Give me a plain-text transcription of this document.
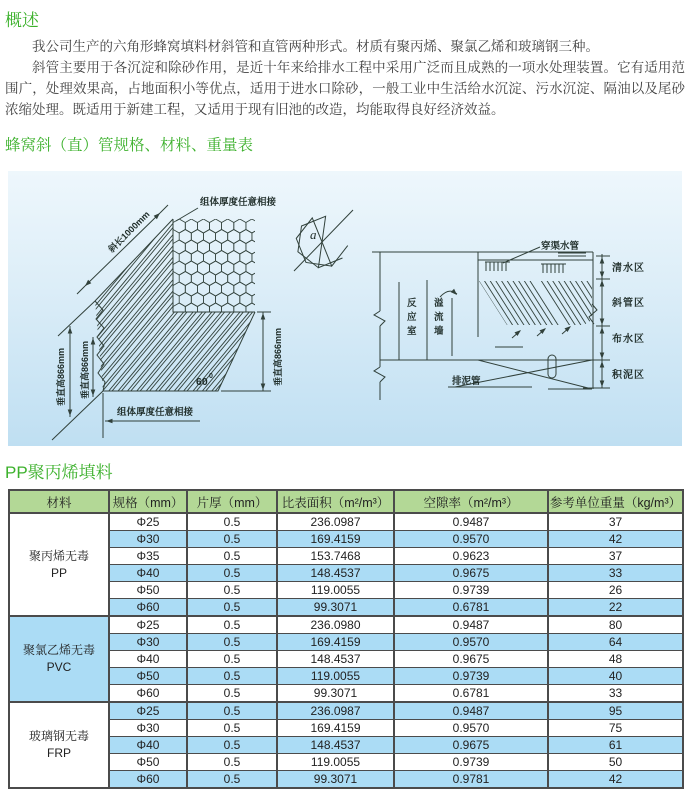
概述

我公司生产的六角形蜂窝填料材斜管和直管两种形式。材质有聚丙烯、聚氯乙烯和玻璃钢三种。

斜管主要用于各沉淀和除砂作用，是近十年来给排水工程中采用广泛而且成熟的一项水处理装置。它有适用范围广，处理效果高，占地面积小等优点，适用于进水口除砂，一般工业中生活给水沉淀、污水沉淀、隔油以及尾砂浓缩处理。既适用于新建工程，又适用于现有旧池的改造，均能取得良好经济效益。

蜂窝斜（直）管规格、材料、重量表
组体厚度任意相接
组体厚度任意相接
斜长1000mm
垂直高866mm 垂直高866mm	垂直高866mm
60 0
a
穿渠水管
反应室
溢流墙
排泥管
清水区
斜管区
布水区
积泥区
PP聚丙烯填料
材料	规格（mm）	片厚（mm）	比表面积（m²/m³）	空隙率（m²/m³）	参考单位重量（kg/m³）

聚丙烯无毒
PP	Φ25	0.5	236.0987	0.9487	37
	Φ30	0.5	169.4159	0.9570	42
	Φ35	0.5	153.7468	0.9623	37
	Φ40	0.5	148.4537	0.9675	33
	Φ50	0.5	119.0055	0.9739	26
	Φ60	0.5	99.3071	0.6781	22

聚氯乙烯无毒
PVC	Φ25	0.5	236.0980	0.9487	80
	Φ30	0.5	169.4159	0.9570	64
	Φ40	0.5	148.4537	0.9675	48
	Φ50	0.5	119.0055	0.9739	40
	Φ60	0.5	99.3071	0.6781	33

玻璃钢无毒
FRP	Φ25	0.5	236.0987	0.9487	95
	Φ30	0.5	169.4159	0.9570	75
	Φ40	0.5	148.4537	0.9675	61
	Φ50	0.5	119.0055	0.9739	50
	Φ60	0.5	99.3071	0.9781	42
